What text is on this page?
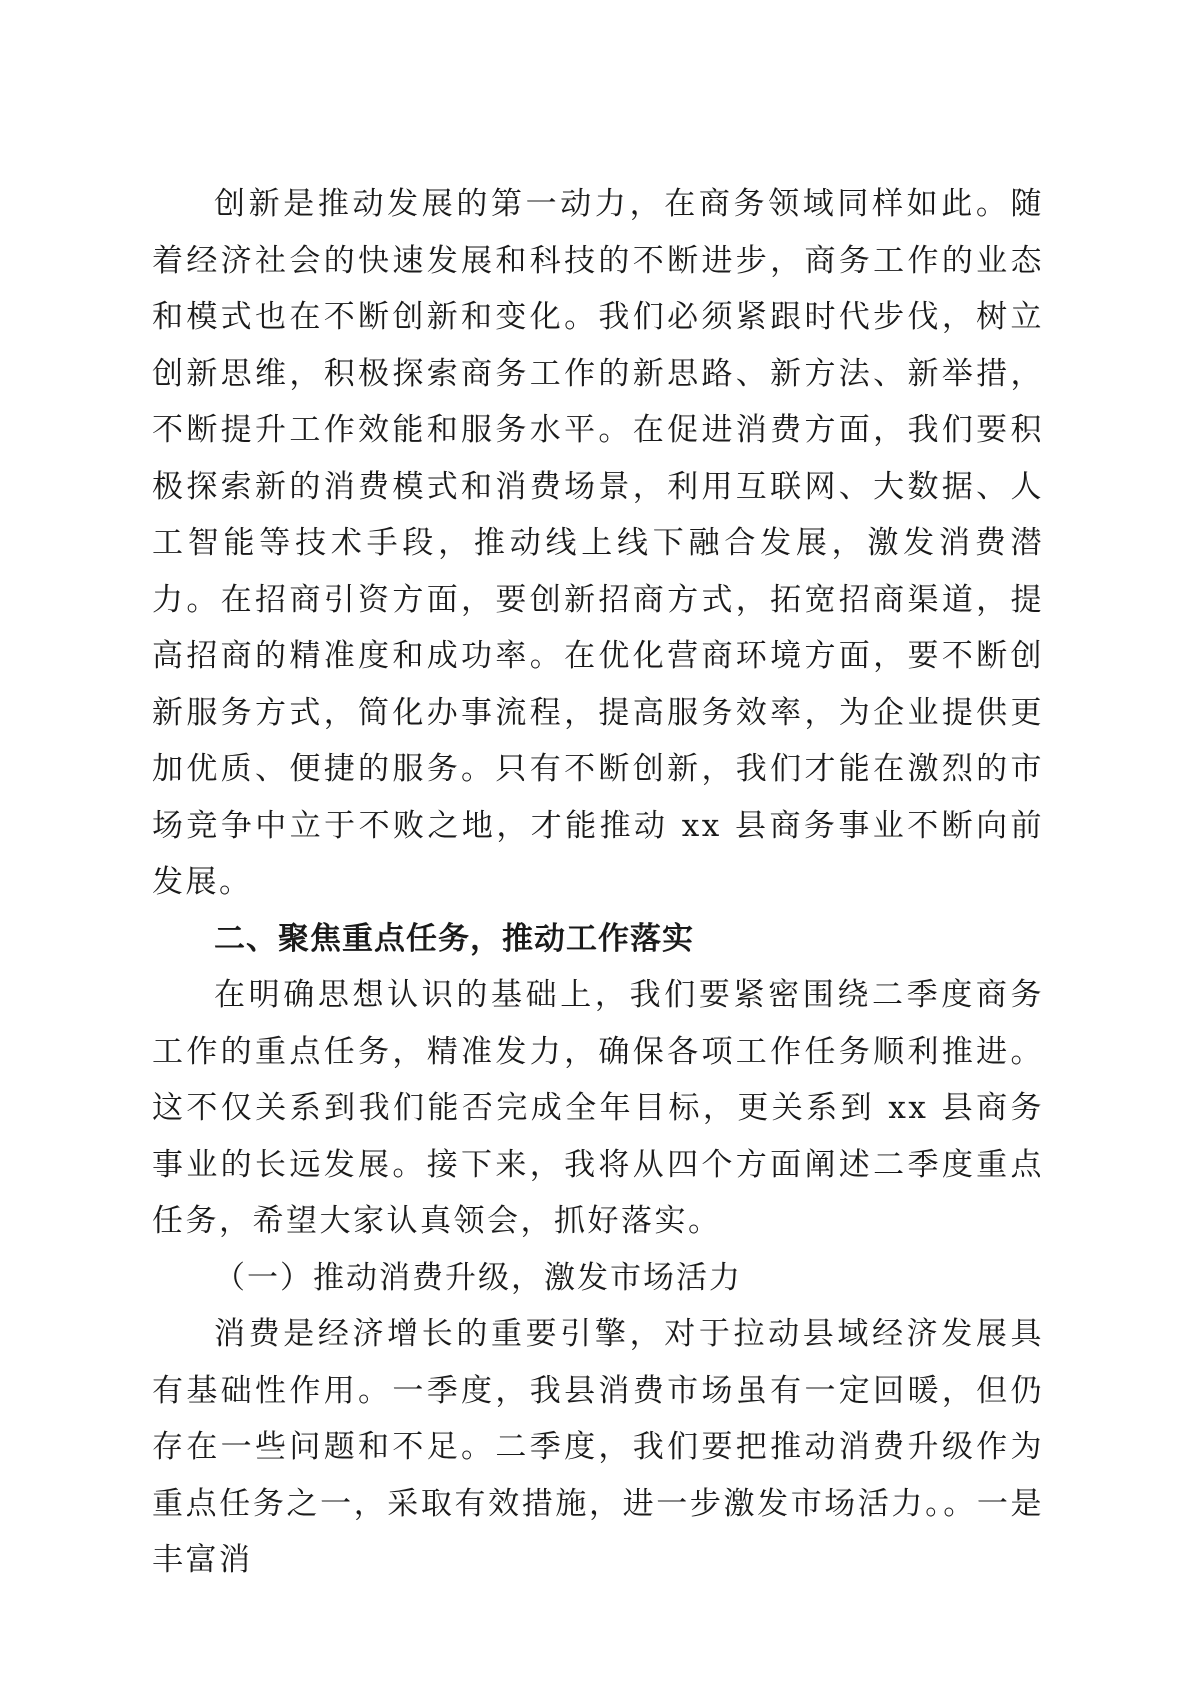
创新是推动发展的第一动力，在商务领域同样如此。随着经济社会的快速发展和科技的不断进步，商务工作的业态和模式也在不断创新和变化。我们必须紧跟时代步伐，树立创新思维，积极探索商务工作的新思路、新方法、新举措，不断提升工作效能和服务水平。在促进消费方面，我们要积极探索新的消费模式和消费场景，利用互联网、大数据、人工智能等技术手段，推动线上线下融合发展，激发消费潜力。在招商引资方面，要创新招商方式，拓宽招商渠道，提高招商的精准度和成功率。在优化营商环境方面，要不断创新服务方式，简化办事流程，提高服务效率，为企业提供更加优质、便捷的服务。只有不断创新，我们才能在激烈的市场竞争中立于不败之地，才能推动 xx 县商务事业不断向前发展。

二、聚焦重点任务，推动工作落实

在明确思想认识的基础上，我们要紧密围绕二季度商务工作的重点任务，精准发力，确保各项工作任务顺利推进。这不仅关系到我们能否完成全年目标，更关系到 xx 县商务事业的长远发展。接下来，我将从四个方面阐述二季度重点任务，希望大家认真领会，抓好落实。

（一）推动消费升级，激发市场活力

消费是经济增长的重要引擎，对于拉动县域经济发展具有基础性作用。一季度，我县消费市场虽有一定回暖，但仍存在一些问题和不足。二季度，我们要把推动消费升级作为重点任务之一，采取有效措施，进一步激发市场活力。。一是丰富消
